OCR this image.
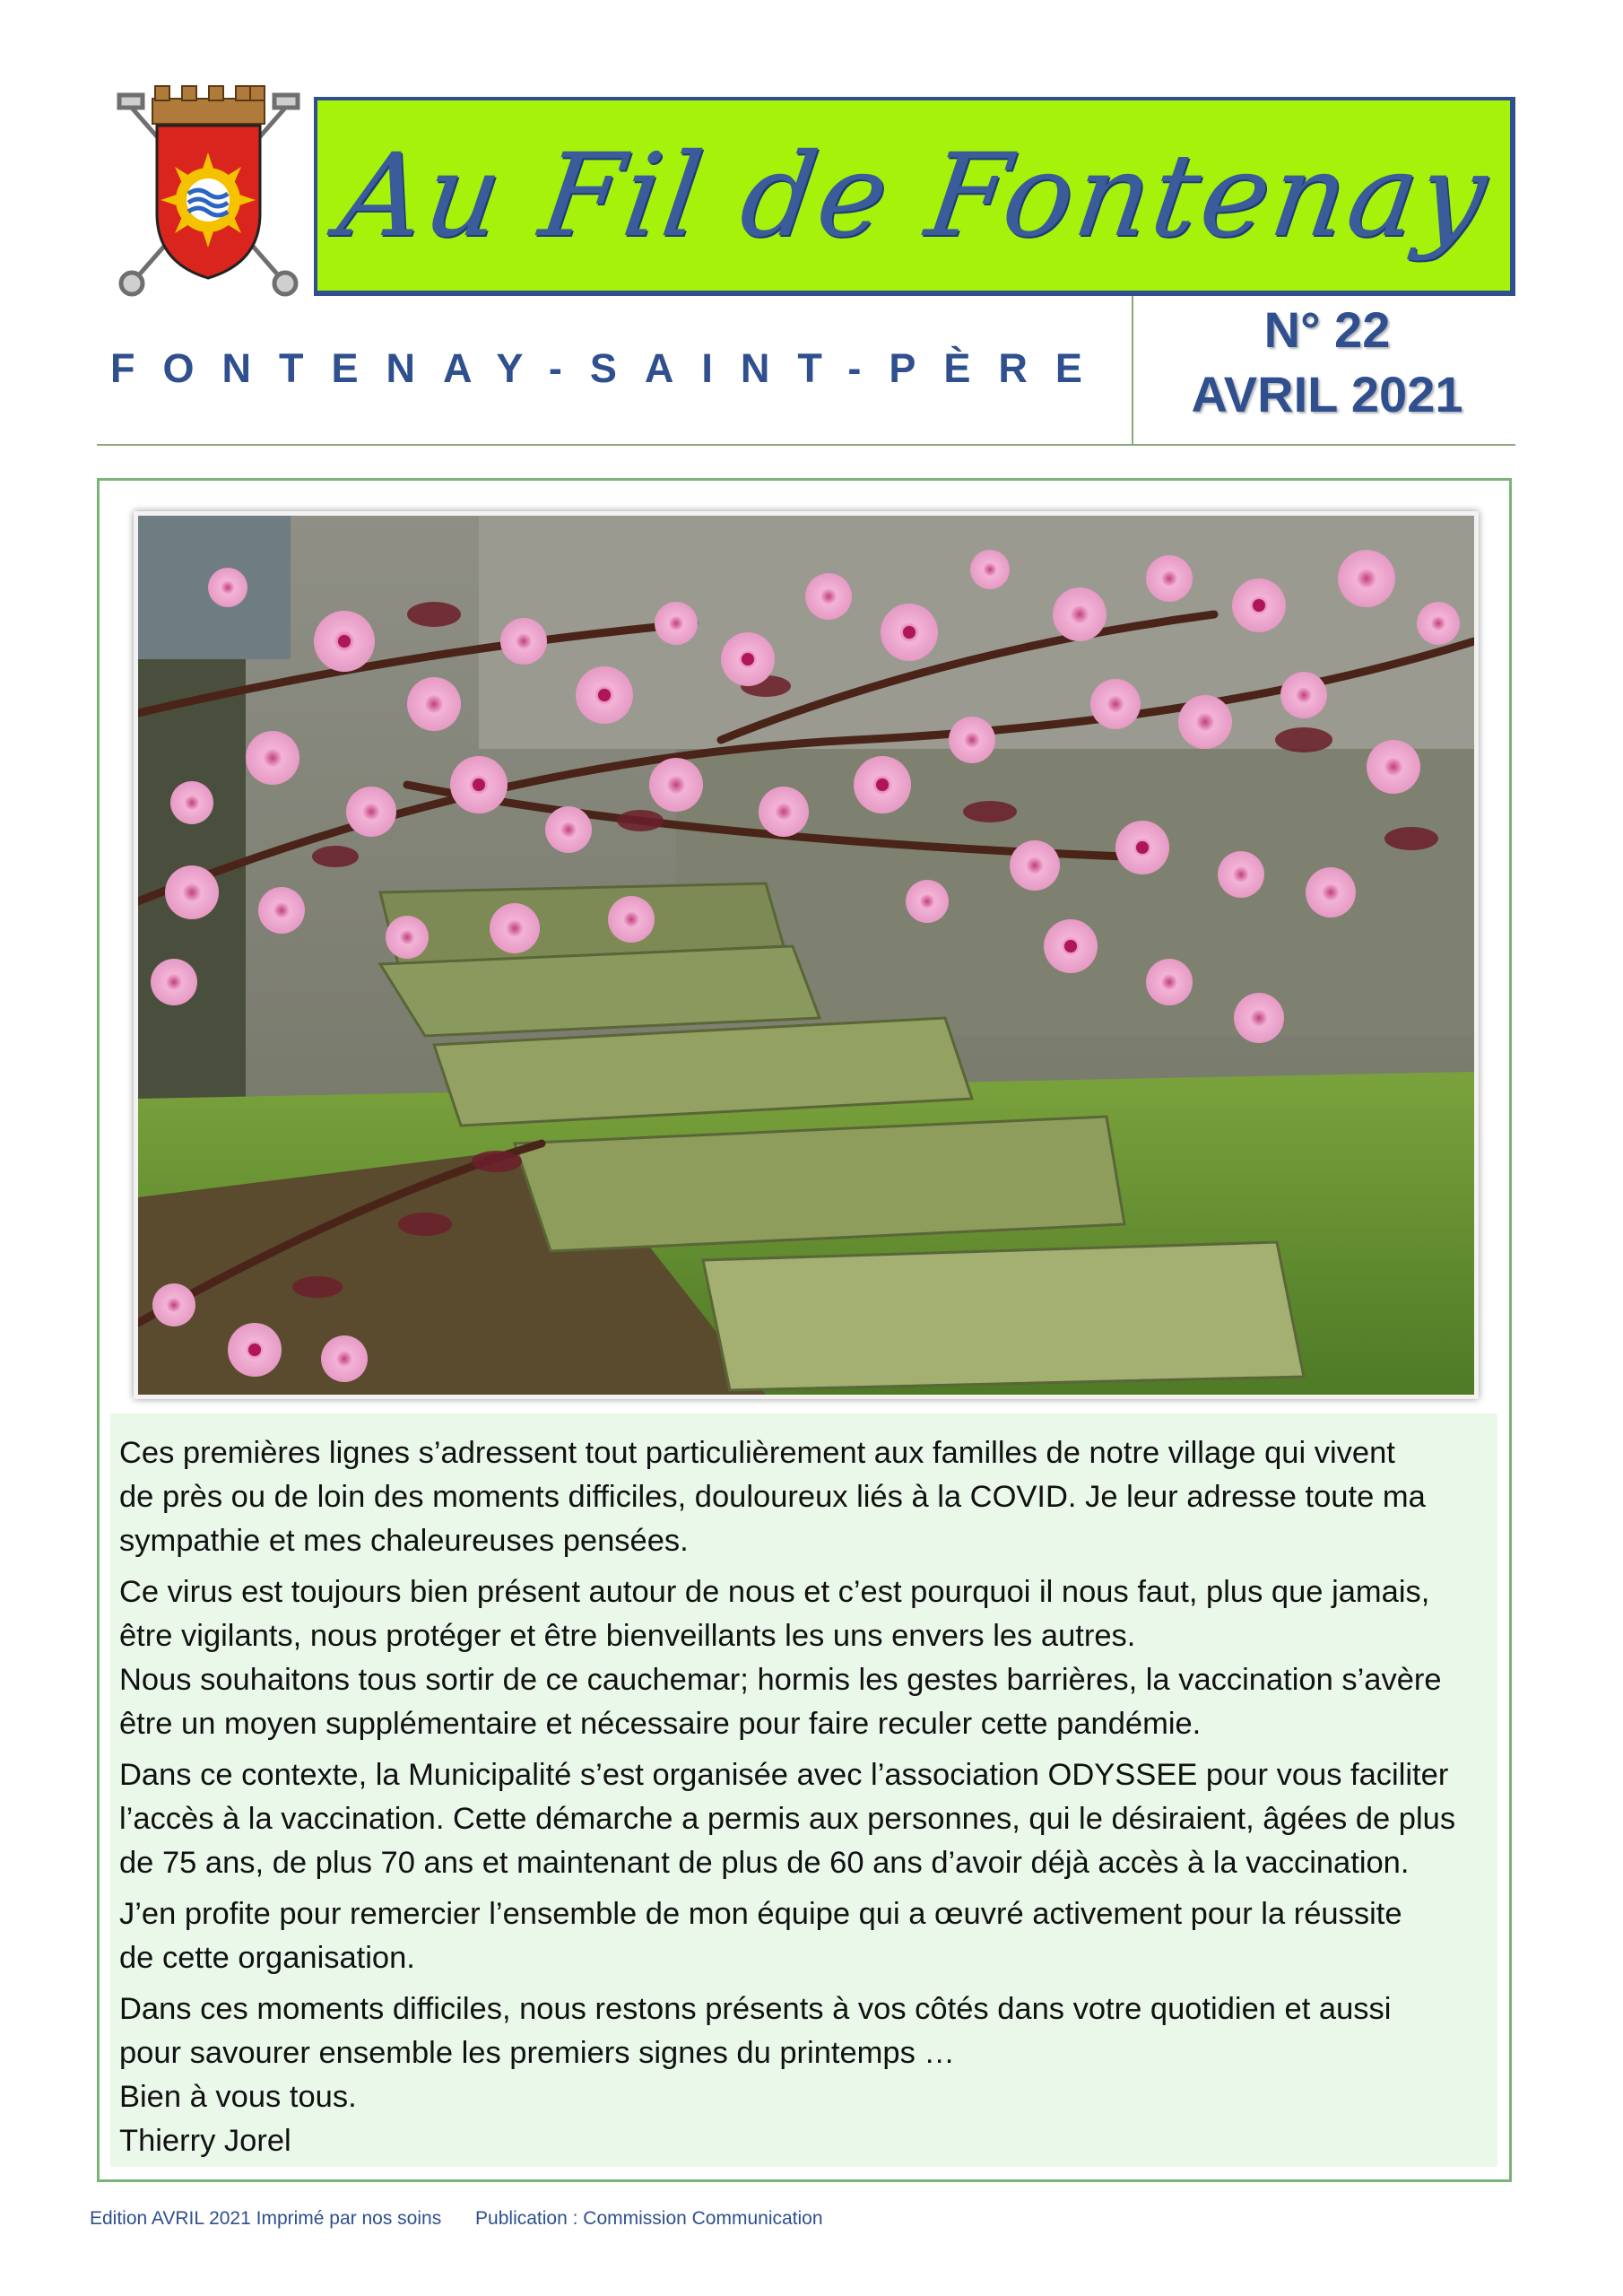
Au Fil de Fontenay
FONTENAY-SAINT-PÈRE
N° 22
AVRIL 2021

Ces premières lignes s’adressent tout particulièrement aux familles de notre village qui vivent
de près ou de loin des moments difficiles, douloureux liés à la COVID. Je leur adresse toute ma
sympathie et mes chaleureuses pensées.

Ce virus est toujours bien présent autour de nous et c’est pourquoi il nous faut, plus que jamais,
être vigilants, nous protéger et être bienveillants les uns envers les autres.
Nous souhaitons tous sortir de ce cauchemar; hormis les gestes barrières, la vaccination s’avère
être un moyen supplémentaire et nécessaire pour faire reculer cette pandémie.

Dans ce contexte, la Municipalité s’est organisée avec l’association ODYSSEE pour vous faciliter
l’accès à la vaccination. Cette démarche a permis aux personnes, qui le désiraient, âgées de plus
de 75 ans, de plus 70 ans et maintenant de plus de 60 ans d’avoir déjà accès à la vaccination.

J’en profite pour remercier l’ensemble de mon équipe qui a œuvré activement pour la réussite
de cette organisation.

Dans ces moments difficiles, nous restons présents à vos côtés dans votre quotidien et aussi
pour savourer ensemble les premiers signes du printemps …
Bien à vous tous.
Thierry Jorel

Edition AVRIL 2021 Imprimé par nos soins Publication : Commission Communication
